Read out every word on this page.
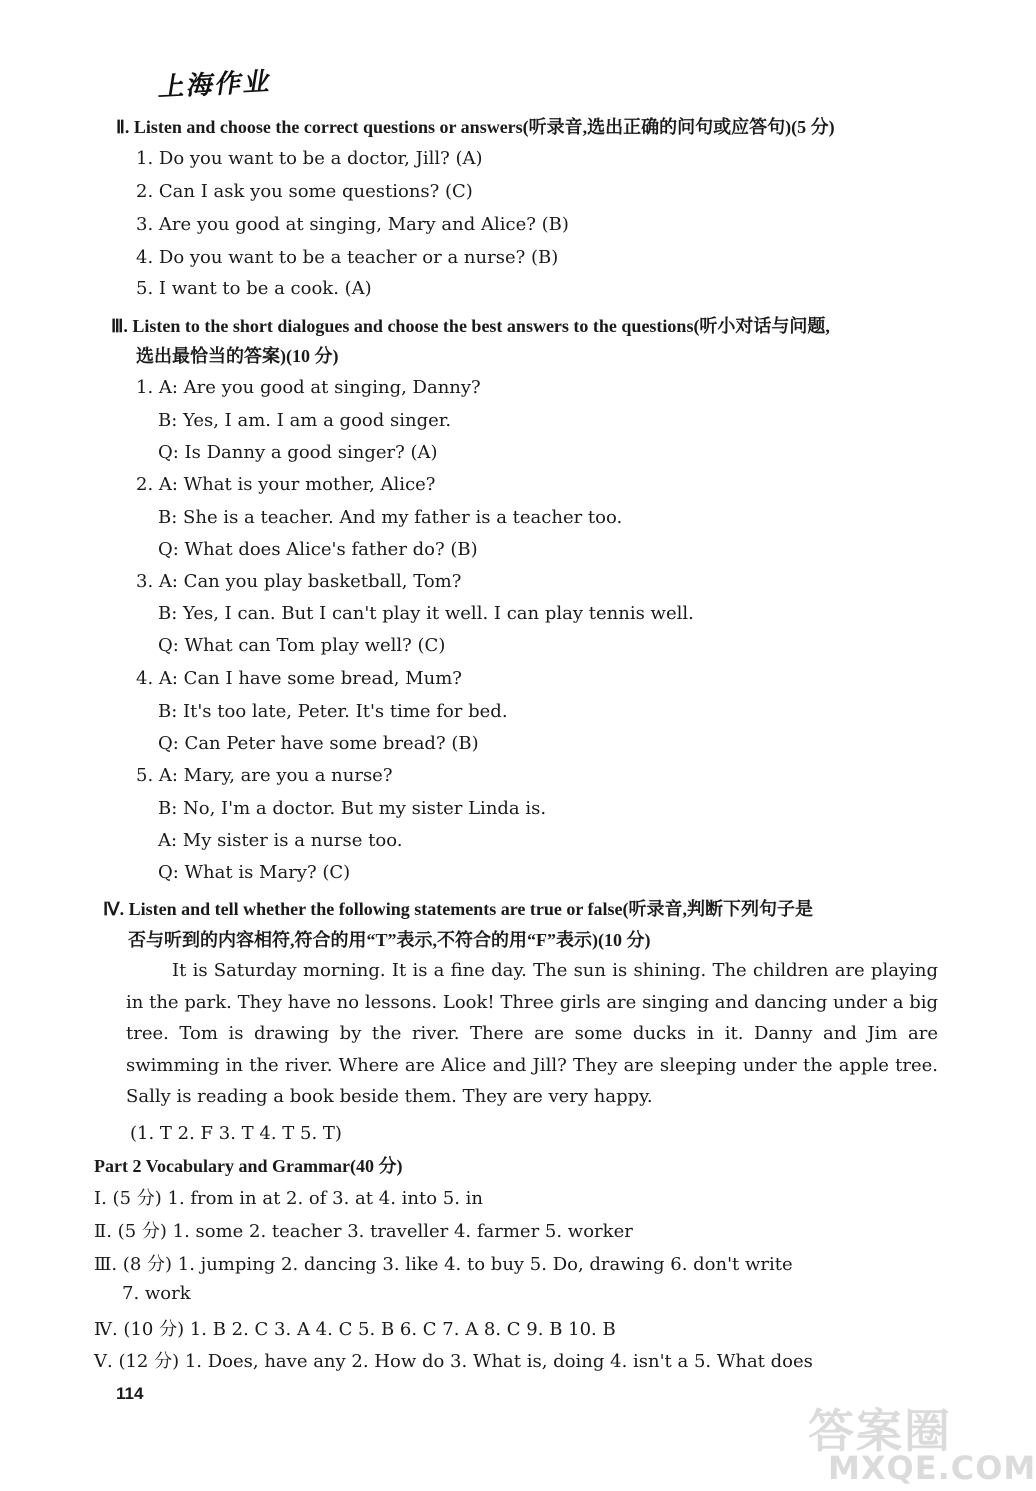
上海作业
Ⅱ. Listen and choose the correct questions or answers(听录音,选出正确的问句或应答句)(5 分)
1. Do you want to be a doctor, Jill? (A)
2. Can I ask you some questions? (C)
3. Are you good at singing, Mary and Alice? (B)
4. Do you want to be a teacher or a nurse? (B)
5. I want to be a cook. (A)
Ⅲ. Listen to the short dialogues and choose the best answers to the questions(听小对话与问题,
选出最恰当的答案)(10 分)
1. A: Are you good at singing, Danny?
B: Yes, I am. I am a good singer.
Q: Is Danny a good singer? (A)
2. A: What is your mother, Alice?
B: She is a teacher. And my father is a teacher too.
Q: What does Alice's father do? (B)
3. A: Can you play basketball, Tom?
B: Yes, I can. But I can't play it well. I can play tennis well.
Q: What can Tom play well? (C)
4. A: Can I have some bread, Mum?
B: It's too late, Peter. It's time for bed.
Q: Can Peter have some bread? (B)
5. A: Mary, are you a nurse?
B: No, I'm a doctor. But my sister Linda is.
A: My sister is a nurse too.
Q: What is Mary? (C)
Ⅳ. Listen and tell whether the following statements are true or false(听录音,判断下列句子是
否与听到的内容相符,符合的用“T”表示,不符合的用“F”表示)(10 分)

It is Saturday morning. It is a fine day. The sun is shining. The children are playing in the park. They have no lessons. Look! Three girls are singing and dancing under a big tree. Tom is drawing by the river. There are some ducks in it. Danny and Jim are swimming in the river. Where are Alice and Jill? They are sleeping under the apple tree. Sally is reading a book beside them. They are very happy.

(1. T 2. F 3. T 4. T 5. T)
Part 2 Vocabulary and Grammar(40 分)
Ⅰ. (5 分) 1. from in at 2. of 3. at 4. into 5. in
Ⅱ. (5 分) 1. some 2. teacher 3. traveller 4. farmer 5. worker
Ⅲ. (8 分) 1. jumping 2. dancing 3. like 4. to buy 5. Do, drawing 6. don't write
7. work
Ⅳ. (10 分) 1. B 2. C 3. A 4. C 5. B 6. C 7. A 8. C 9. B 10. B
Ⅴ. (12 分) 1. Does, have any 2. How do 3. What is, doing 4. isn't a 5. What does
114
答案圈
MXQE.COM
